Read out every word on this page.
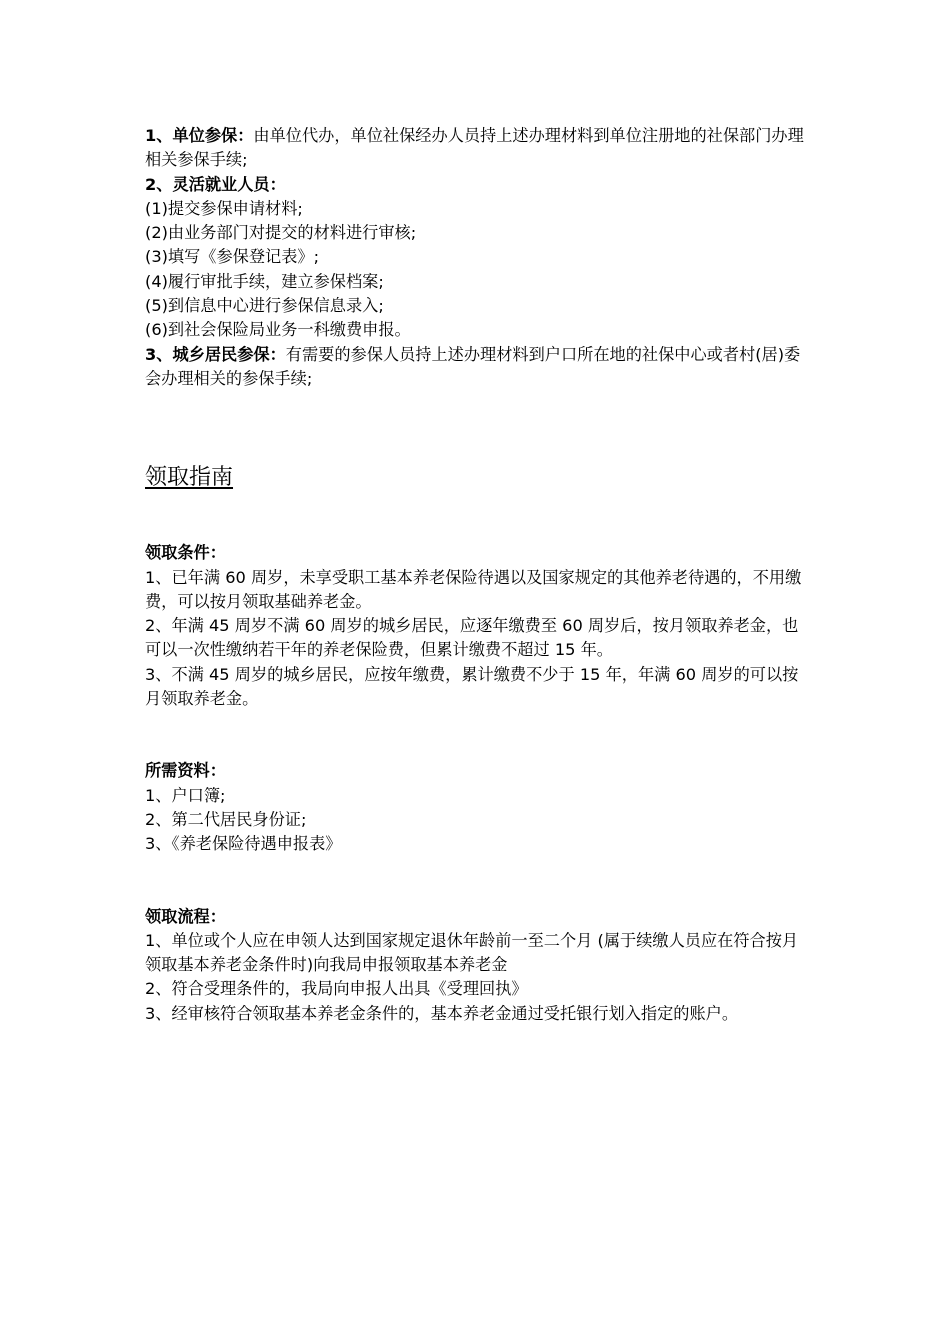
1、单位参保：由单位代办，单位社保经办人员持上述办理材料到单位注册地的社保部门办理相关参保手续;
2、灵活就业人员：
(1)提交参保申请材料;
(2)由业务部门对提交的材料进行审核;
(3)填写《参保登记表》;
(4)履行审批手续，建立参保档案;
(5)到信息中心进行参保信息录入;
(6)到社会保险局业务一科缴费申报。
3、城乡居民参保：有需要的参保人员持上述办理材料到户口所在地的社保中心或者村(居)委会办理相关的参保手续;
领取指南
领取条件：
1、已年满 60 周岁，未享受职工基本养老保险待遇以及国家规定的其他养老待遇的，不用缴费，可以按月领取基础养老金。
2、年满 45 周岁不满 60 周岁的城乡居民，应逐年缴费至 60 周岁后，按月领取养老金，也可以一次性缴纳若干年的养老保险费，但累计缴费不超过 15 年。
3、不满 45 周岁的城乡居民，应按年缴费，累计缴费不少于 15 年，年满 60 周岁的可以按月领取养老金。
所需资料：
1、户口簿;
2、第二代居民身份证;
3、《养老保险待遇申报表》
领取流程：
1、单位或个人应在申领人达到国家规定退休年龄前一至二个月 (属于续缴人员应在符合按月领取基本养老金条件时)向我局申报领取基本养老金
2、符合受理条件的，我局向申报人出具《受理回执》
3、经审核符合领取基本养老金条件的，基本养老金通过受托银行划入指定的账户。
